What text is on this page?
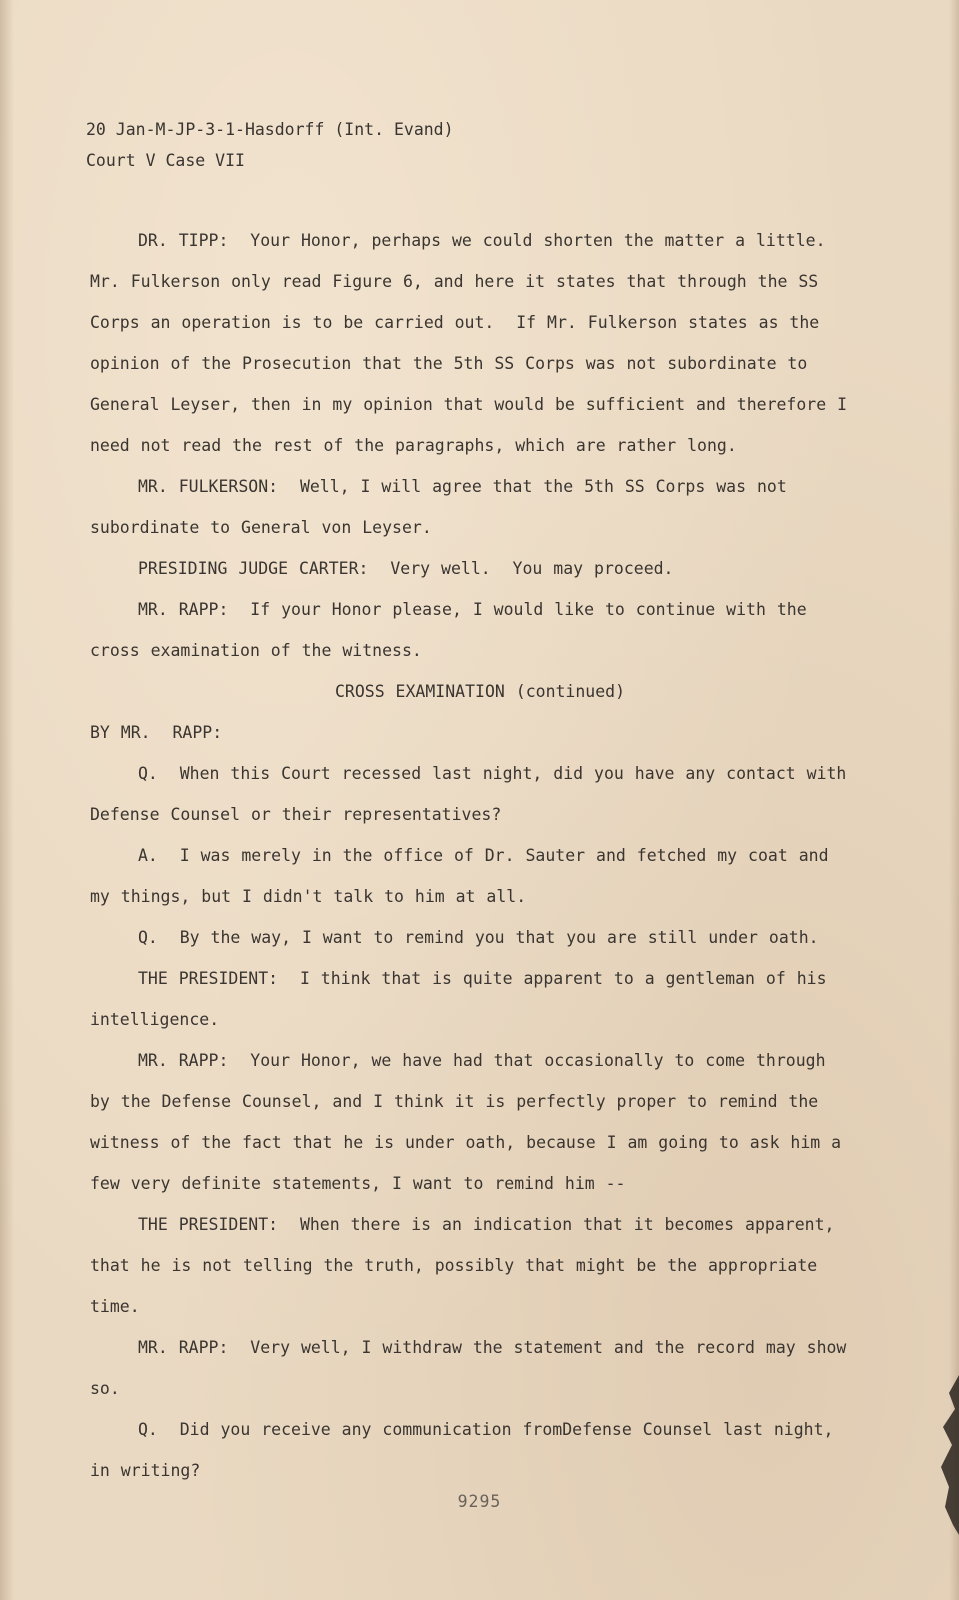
20 Jan-M-JP-3-1-Hasdorff (Int. Evand)
Court V Case VII
DR. TIPP:  Your Honor, perhaps we could shorten the matter a little. Mr. Fulkerson only read Figure 6, and here it states that through the SS Corps an operation is to be carried out.  If Mr. Fulkerson states as the opinion of the Prosecution that the 5th SS Corps was not subordinate to General Leyser, then in my opinion that would be sufficient and therefore I need not read the rest of the paragraphs, which are rather long.
MR. FULKERSON:  Well, I will agree that the 5th SS Corps was not subordinate to General von Leyser.
PRESIDING JUDGE CARTER:  Very well.  You may proceed.
MR. RAPP:  If your Honor please, I would like to continue with the cross examination of the witness.
CROSS EXAMINATION (continued)
BY MR.  RAPP:
Q.  When this Court recessed last night, did you have any contact with Defense Counsel or their representatives?
A.  I was merely in the office of Dr. Sauter and fetched my coat and my things, but I didn't talk to him at all.
Q.  By the way, I want to remind you that you are still under oath.
THE PRESIDENT:  I think that is quite apparent to a gentleman of his intelligence.
MR. RAPP:  Your Honor, we have had that occasionally to come through by the Defense Counsel, and I think it is perfectly proper to remind the witness of the fact that he is under oath, because I am going to ask him a few very definite statements, I want to remind him --
THE PRESIDENT:  When there is an indication that it becomes apparent, that he is not telling the truth, possibly that might be the appropriate time.
MR. RAPP:  Very well, I withdraw the statement and the record may show so.
Q.  Did you receive any communication fromDefense Counsel last night, in writing?
9295
